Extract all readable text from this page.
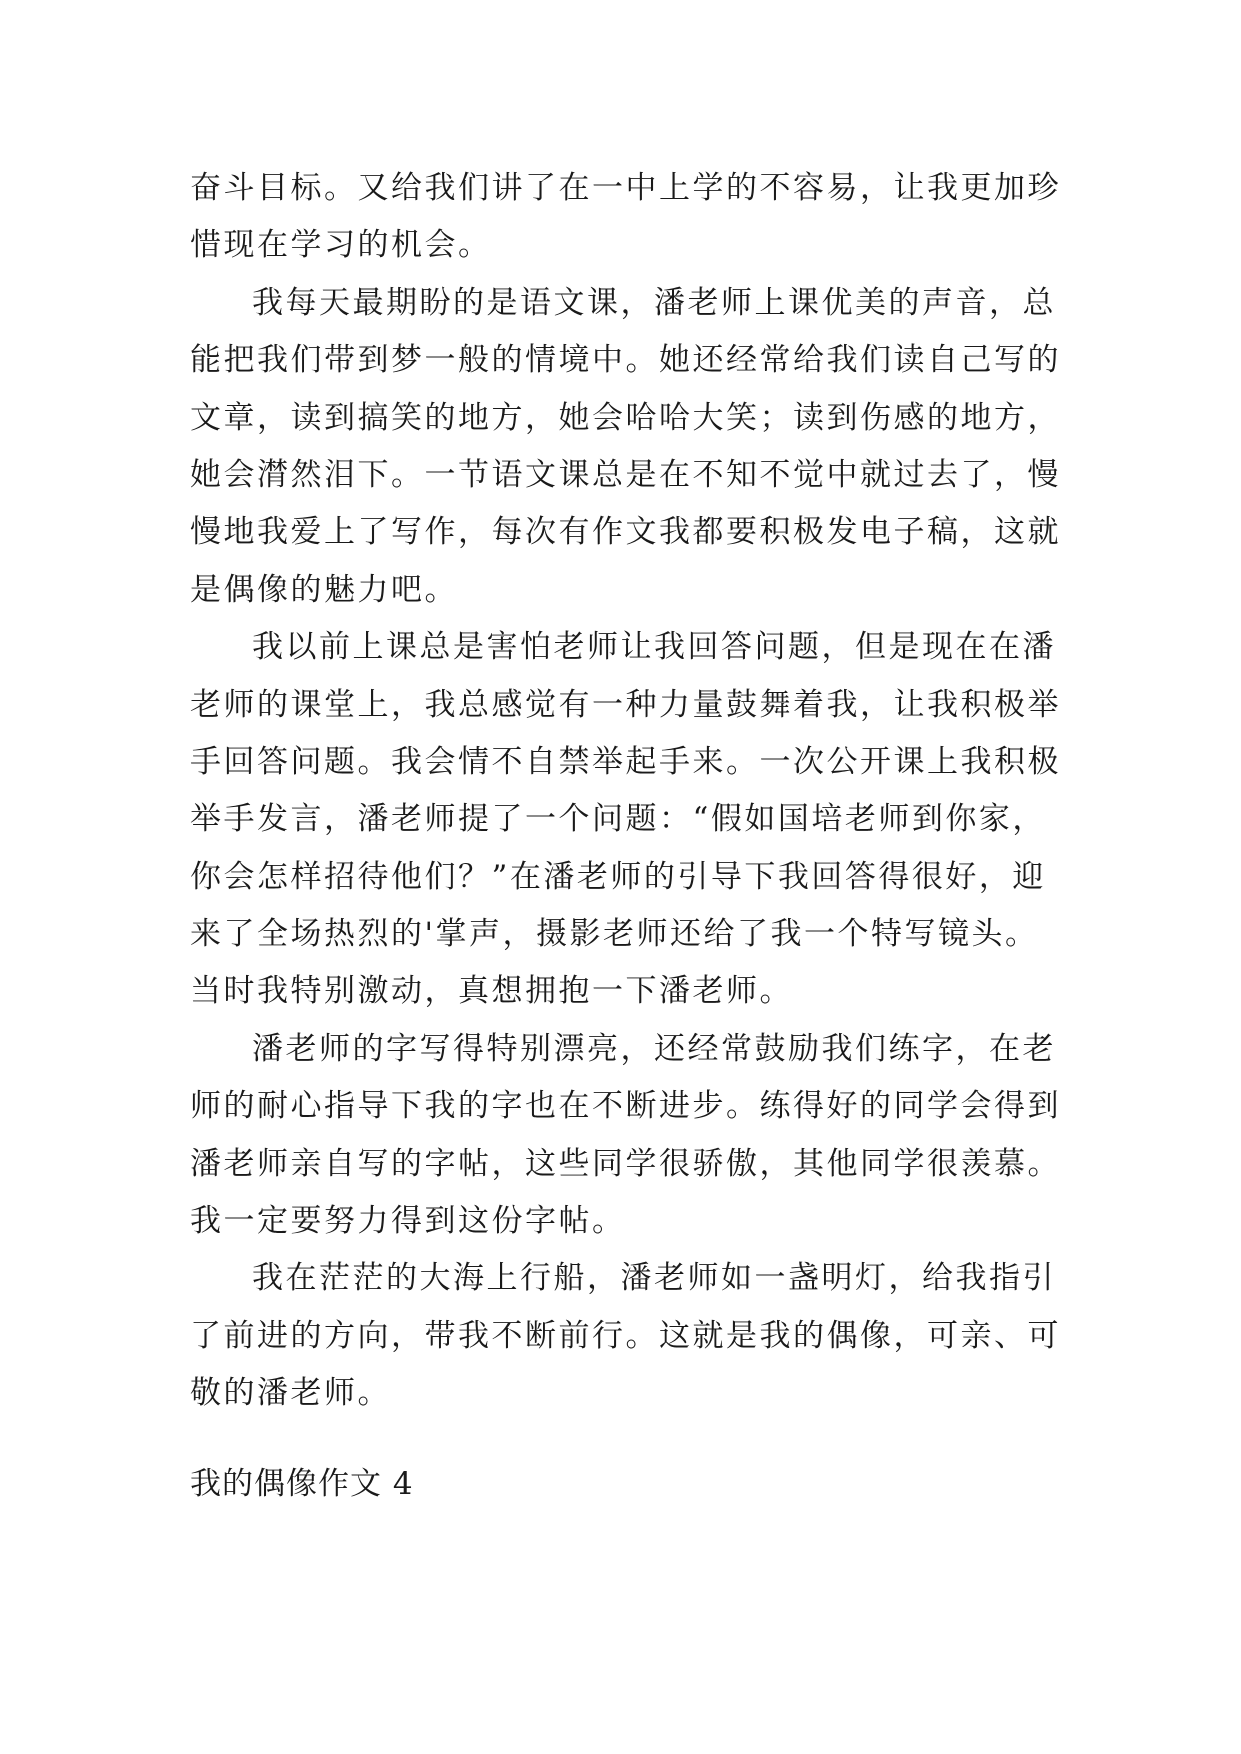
奋斗目标。又给我们讲了在一中上学的不容易，让我更加珍
惜现在学习的机会。
我每天最期盼的是语文课，潘老师上课优美的声音，总
能把我们带到梦一般的情境中。她还经常给我们读自己写的
文章，读到搞笑的地方，她会哈哈大笑；读到伤感的地方，
她会潸然泪下。一节语文课总是在不知不觉中就过去了，慢
慢地我爱上了写作，每次有作文我都要积极发电子稿，这就
是偶像的魅力吧。
我以前上课总是害怕老师让我回答问题，但是现在在潘
老师的课堂上，我总感觉有一种力量鼓舞着我，让我积极举
手回答问题。我会情不自禁举起手来。一次公开课上我积极
举手发言，潘老师提了一个问题：“假如国培老师到你家，
你会怎样招待他们？”在潘老师的引导下我回答得很好，迎
来了全场热烈的'掌声，摄影老师还给了我一个特写镜头。
当时我特别激动，真想拥抱一下潘老师。
潘老师的字写得特别漂亮，还经常鼓励我们练字，在老
师的耐心指导下我的字也在不断进步。练得好的同学会得到
潘老师亲自写的字帖，这些同学很骄傲，其他同学很羡慕。
我一定要努力得到这份字帖。
我在茫茫的大海上行船，潘老师如一盏明灯，给我指引
了前进的方向，带我不断前行。这就是我的偶像，可亲、可
敬的潘老师。
我的偶像作文 4
